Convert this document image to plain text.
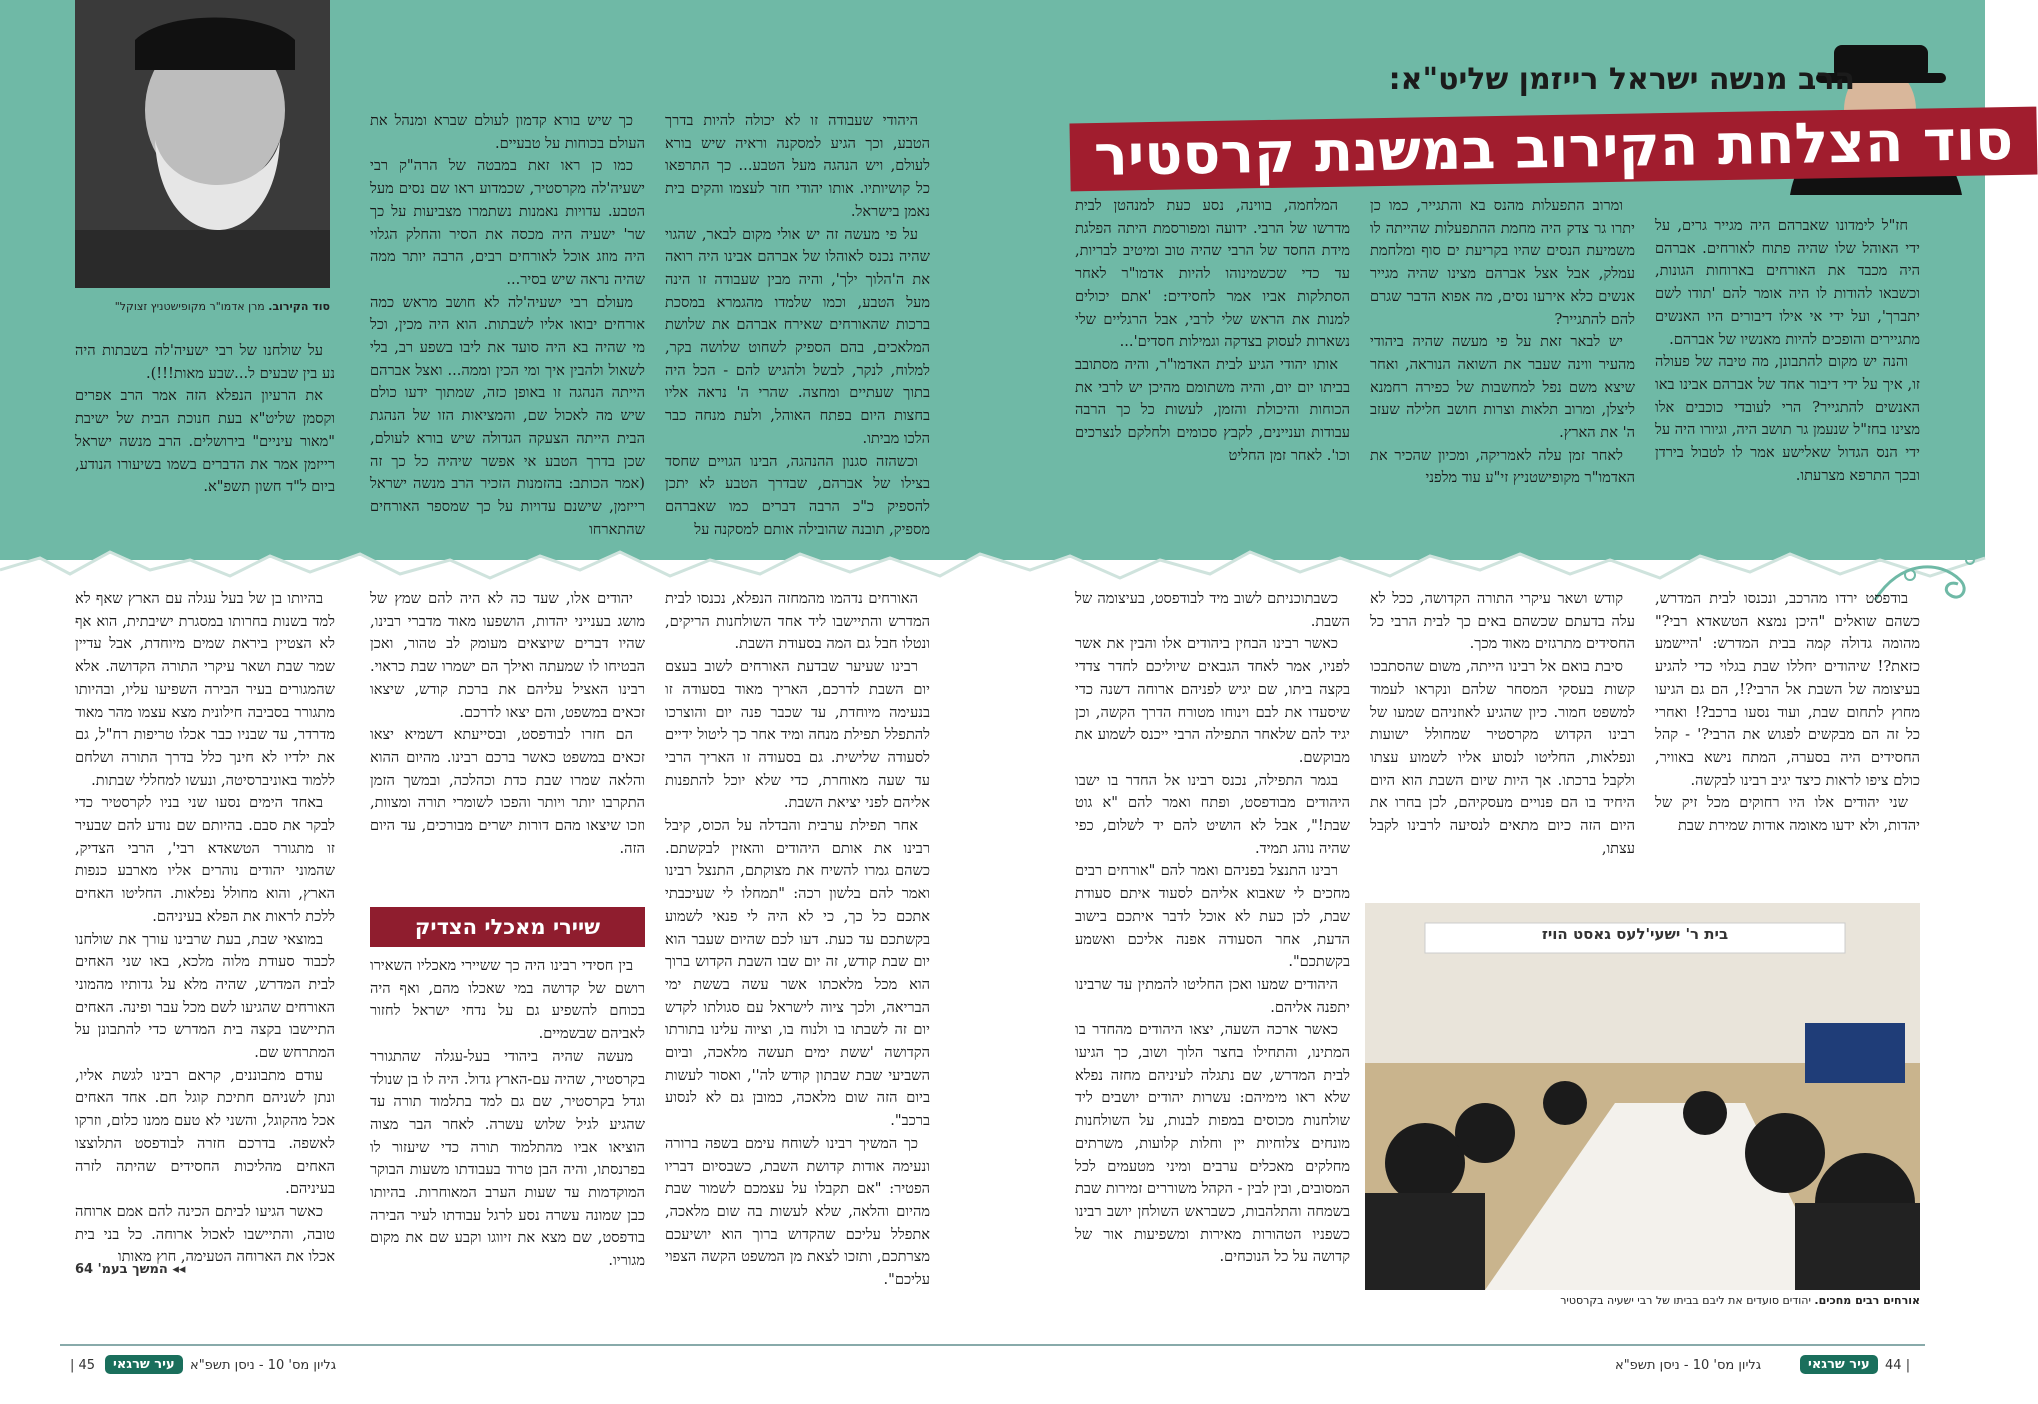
הרב מנשה ישראל רייזמן שליט"א:
סוד הצלחת הקירוב במשנת קרסטיר
סוד הקירוב. מרן אדמו"ר מקופישטניץ זצוקל"

חז"ל לימדונו שאברהם היה מגייר גרים, על ידי האוהל שלו שהיה פתוח לאורחים. אברהם היה מכבד את האורחים בארוחות הגונות, וכשבאו להודות לו היה אומר להם 'תודו לשם יתברך', ועל ידי אי אילו דיבורים היו האנשים מתגיירים והופכים להיות מאנשיו של אברהם.

והנה יש מקום להתבונן, מה טיבה של פעולה זו, איך על ידי דיבור אחד של אברהם אבינו באו האנשים להתגייר? הרי לעובדי כוכבים אלו מצינו בחז"ל שנעמן גר תושב היה, וגיורו היה על ידי הנס הגדול שאלישע אמר לו לטבול בירדן ובכך התרפא מצרעתו.

ומרוב התפעלות מהנס בא והתגייר, כמו כן יתרו גר צדק היה מחמת ההתפעלות שהייתה לו משמיעת הנסים שהיו בקריעת ים סוף ומלחמת עמלק, אבל אצל אברהם מצינו שהיה מגייר אנשים כלא אירעו נסים, מה אפוא הדבר שגרם להם להתגייר?

יש לבאר זאת על פי מעשה שהיה ביהודי מהעיר ווינה שעבר את השואה הנוראה, ואחר שיצא משם נפל למחשבות של כפירה רחמנא ליצלן, ומרוב תלאות וצרות חושב חלילה שעזב ה' את הארץ.

לאחר זמן עלה לאמריקה, ומכיון שהכיר את האדמו"ר מקופישטניץ זי"ע עוד מלפני

המלחמה, בווינה, נסע כעת למנהטן לבית מדרשו של הרבי. ידועה ומפורסמת היתה הפלגת מידת החסד של הרבי שהיה טוב ומיטיב לבריות, עד כדי שכשמינוהו להיות אדמו"ר לאחר הסתלקות אביו אמר לחסידים: 'אתם יכולים למנות את הראש שלי לרבי, אבל הרגליים שלי נשארות לעסוק בצדקה וגמילות חסדים'...

אותו יהודי הגיע לבית האדמו"ר, והיה מסתובב בביתו יום יום, והיה משתומם מהיכן יש לרבי את הכוחות והיכולת והזמן, לעשות כל כך הרבה עבודות ועניינים, לקבץ סכומים ולחלקם לנצרכים וכו'. לאחר זמן החליט

היהודי שעבודה זו לא יכולה להיות בדרך הטבע, וכך הגיע למסקנה וראיה שיש בורא לעולם, ויש הנהגה מעל הטבע... כך התרפאו כל קושיותיו. אותו יהודי חזר לעצמו והקים בית נאמן בישראל.

על פי מעשה זה יש אולי מקום לבאר, שהגוי שהיה נכנס לאוהלו של אברהם אבינו היה רואה את ה'הלוך ילך', והיה מבין שעבודה זו הינה מעל הטבע, וכמו שלמדו מהגמרא במסכת ברכות שהאורחים שאירח אברהם את שלושת המלאכים, בהם הספיק לשחוט שלושה בקר, למלוח, לנקר, לבשל ולהגיש להם - הכל היה בתוך שעתיים ומחצה. שהרי ה' נראה אליו בחצות היום בפתח האוהל, ולעת מנחה כבר הלכו מביתו.

וכשהזה סגנון ההנהגה, הבינו הגויים שחסד בצילו של אברהם, שבדרך הטבע לא יתכן להספיק כ"כ הרבה דברים כמו שאברהם מספיק, תובנה שהובילה אותם למסקנה על

כך שיש בורא קדמון לעולם שברא ומנהל את העולם בכוחות על טבעיים.

כמו כן ראו זאת במבטה של הרה"ק רבי ישעיה'לה מקרסטיר, שכמדוע ראו שם נסים מעל הטבע. עדויות נאמנות נשתמרו מצביעות על כך שר' ישעיה היה מכסה את הסיר והחלק הגלוי היה מוזג אוכל לאורחים רבים, הרבה יותר ממה שהיה נראה שיש בסיר...

מעולם רבי ישעיה'לה לא חושב מראש כמה אורחים יבואו אליו לשבתות. הוא היה מכין, וכל מי שהיה בא היה סועד את ליבו בשפע רב, בלי לשאול ולהבין איך ומי הכין וממה... ואצל אברהם הייתה הנהגה זו באופן כזה, שמתוך ידעו כולם שיש מה לאכול שם, והמציאות הזו של הנהגת הבית הייתה הצעקה הגדולה שיש בורא לעולם, שכן בדרך הטבע אי אפשר שיהיה כל כך זה (אמר הכותב: בהזמנות הזכיר הרב מנשה ישראל רייזמן, שישנם עדויות על כך שמספר האורחים שהתארחו

על שולחנו של רבי ישעיה'לה בשבתות היה נע בין שבעים ל...שבע מאות!!!).

את הרעיון הנפלא הזה אמר הרב אפרים וקסמן שליט"א בעת חנוכת הבית של ישיבת "מאור עיניים" בירושלים. הרב מנשה ישראל רייזמן אמר את הדברים בשמו בשיעורו הנודע, ביום ל"ד חשון תשפ"א.

בודפסט ירדו מהרכב, ונכנסו לבית המדרש, כשהם שואלים "היכן נמצא הטשאדא רבי?" מהומה גדולה קמה בבית המדרש: 'היישמע כזאת?! שיהודים יחללו שבת בגלוי כדי להגיע בעיצומה של השבת אל הרבי?!, הם גם הגיעו מחוץ לתחום שבת, ועוד נסעו ברכב?! ואחרי כל זה הם מבקשים לפגוש את הרבי?' - קהל החסידים היה בסערה, המתח נישא באוויר, כולם ציפו לראות כיצד יגיב רבינו לבקשה.

שני יהודים אלו היו רחוקים מכל זיק של יהדות, ולא ידעו מאומה אודות שמירת שבת

קודש ושאר עיקרי התורה הקדושה, ככל לא עלה בדעתם שכשהם באים כך לבית הרבי כל החסידים מתרגזים מאוד מכך.

סיבת בואם אל רבינו הייתה, משום שהסתבכו קשות בעסקי המסחר שלהם ונקראו לעמוד למשפט חמור. כיון שהגיע לאוזניהם שמעו של רבינו הקדוש מקרסטיר שמחולל ישועות ונפלאות, החליטו לנסוע אליו לשמוע עצתו ולקבל ברכתו. אך היות שיום השבת הוא היום היחיד בו הם פנויים מעסקיהם, לכן בחרו את היום הזה כיום מתאים לנסיעה לרבינו לקבל עצתו,

כשבתוכניתם לשוב מיד לבודפסט, בעיצומה של השבת.

כאשר רבינו הבחין ביהודים אלו והבין את אשר לפניו, אמר לאחד הגבאים שיוליכם לחדר צדדי בקצה ביתו, שם יגיש לפניהם ארוחה דשנה כדי שיסעדו את לבם וינוחו מטורח הדרך הקשה, וכן יגיד להם שלאחר התפילה הרבי ייכנס לשמוע את מבוקשם.

בגמר התפילה, נכנס רבינו אל החדר בו ישבו היהודים מבודפסט, ופתח ואמר להם "א גוט שבת!", אבל לא הושיט להם יד לשלום, כפי שהיה נוהג תמיד.

רבינו התנצל בפניהם ואמר להם "אורחים רבים מחכים לי שאבוא אליהם לסעוד איתם סעודת שבת, לכן כעת לא אוכל לדבר איתכם בישוב הדעת, אחר הסעודה אפנה אליכם ואשמע בקשתכם".

היהודים שמעו ואכן החליטו להמתין עד שרבינו יתפנה אליהם.

כאשר ארכה השעה, יצאו היהודים מהחדר בו המתינו, והתחילו בחצר הלוך ושוב, כך הגיעו לבית המדרש, שם נתגלה לעיניהם מחזה נפלא שלא ראו מימיהם: עשרות יהודים יושבים ליד שולחנות מכוסים במפות לבנות, על השולחנות מונחים צלוחיות יין וחלות קלועות, משרתים מחלקים מאכלים ערבים ומיני מטעמים לכל המסובים, ובין לבין - הקהל משוררים זמירות שבת בשמחה והתלהבות, כשבראש השולחן יושב רבינו כשפניו הטהורות מאירות ומשפיעות אור של קדושה על כל הנוכחים.

בית ר' ישעי'לעס גאסט הויז
אורחים רבים מחכים. יהודים סועדים את ליבם בביתו של רבי ישעיה בקרסטיר

האורחים נדהמו מהמחזה הנפלא, נכנסו לבית המדרש והתיישבו ליד אחד השולחנות הריקים, ונטלו חבל גם המה בסעודת השבת.

רבינו שעיער שבדעת האורחים לשוב בעצם יום השבת לדרכם, האריך מאוד בסעודה זו בנעימה מיוחדת, עד שכבר פנה יום והוצרכו להתפלל תפילת מנחה ומיד אחר כך ליטול ידיים לסעודה שלישית. גם בסעודה זו האריך הרבי עד שעה מאוחרת, כדי שלא יוכל להתפנות אליהם לפני יציאת השבת.

אחר תפילת ערבית והבדלה על הכוס, קיבל רבינו את אותם היהודים והאזין לבקשתם. כשהם גמרו להשיח את מצוקתם, התנצל רבינו ואמר להם בלשון רכה: "תמחלו לי שעיכבתי אתכם כל כך, כי לא היה לי פנאי לשמוע בקשתכם עד כעת. דעו לכם שהיום שעבר הוא יום שבת קודש, זה יום שבו השבת הקדוש ברוך הוא מכל מלאכתו אשר עשה בששת ימי הבריאה, ולכך ציוה לישראל עם סגולתו לקדש יום זה לשבתו בו ולנוח בו, וציוה עלינו בתורתו הקדושה 'ששת ימים תעשה מלאכה, וביום השביעי שבת שבתון קודש לה'', ואסור לעשות ביום הזה שום מלאכה, כמובן גם לא לנסוע ברכב".

כך המשיך רבינו לשוחח עימם בשפה ברורה ונעימה אודות קדושת השבת, כשבסיום דבריו הפטיר: "אם תקבלו על עצמכם לשמור שבת מהיום והלאה, שלא לעשות בה שום מלאכה, אתפלל עליכם שהקדוש ברוך הוא יושיעכם מצרתכם, ותזכו לצאת מן המשפט הקשה הצפוי עליכם".

יהודים אלו, שעד כה לא היה להם שמץ של מושג בענייני יהדות, הושפעו מאוד מדברי רבינו, שהיו דברים שיוצאים מעומק לב טהור, ואכן הבטיחו לו שמעתה ואילך הם ישמרו שבת כראוי. רבינו האציל עליהם את ברכת קודש, שיצאו זכאים במשפט, והם יצאו לדרכם.

הם חזרו לבודפסט, ובסייעתא דשמיא יצאו זכאים במשפט כאשר ברכם רבינו. מהיום ההוא והלאה שמרו שבת כדת וכהלכה, ובמשך הזמן התקרבו יותר ויותר והפכו לשומרי תורה ומצוות, וזכו שיצאו מהם דורות ישרים מבורכים, עד היום הזה.

שיירי מאכלי הצדיק

בין חסידי רבינו היה כך ששיירי מאכליו השאירו רושם של קדושה במי שאכלו מהם, ואף היה בכוחם להשפיע גם על נדחי ישראל לחזור לאביהם שבשמיים.

מעשה שהיה ביהודי בעל-עגלה שהתגורר בקרסטיר, שהיה עם-הארץ גדול. היה לו בן שנולד וגדל בקרסטיר, שם גם למד בתלמוד תורה עד שהגיע לגיל שלוש עשרה. לאחר הבר מצוה הוציאו אביו מהתלמוד תורה כדי שיעזור לו בפרנסתו, והיה הבן טרוד בעבודתו משעות הבוקר המוקדמות עד שעות הערב המאוחרות. בהיותו כבן שמונה עשרה נסע לרגל עבודתו לעיר הבירה בודפסט, שם מצא את זיווגו וקבע שם את מקום מגוריו.

בהיותו בן של בעל עגלה עם הארץ שאף לא למד בשנות בחרותו במסגרת ישיבתית, הוא אף לא הצטיין ביראת שמים מיוחדת, אבל עדיין שמר שבת ושאר עיקרי התורה הקדושה. אלא שהמגורים בעיר הבירה השפיעו עליו, ובהיותו מתגורר בסביבה חילונית מצא עצמו מהר מאוד מדרדר, עד שבניו כבר אכלו טריפות רח"ל, גם את ילדיו לא חינך כלל בדרך התורה ושלחם ללמוד באוניברסיטה, ונעשו למחללי שבתות.

באחד הימים נסעו שני בניו לקרסטיר כדי לבקר את סבם. בהיותם שם נודע להם שבעיר זו מתגורר הטשאדא רבי', הרבי הצדיק, שהמוני יהודים נוהרים אליו מארבע כנפות הארץ, והוא מחולל נפלאות. החליטו האחים ללכת לראות את הפלא בעיניהם.

במוצאי שבת, בעת שרבינו עורך את שולחנו לכבוד סעודת מלוה מלכא, באו שני האחים לבית המדרש, שהיה מלא על גדותיו מהמוני האורחים שהגיעו לשם מכל עבר ופינה. האחים התיישבו בקצה בית המדרש כדי להתבונן על המתרחש שם.

עודם מתבוננים, קראם רבינו לגשת אליו, ונתן לשניהם חתיכת קוגל חם. אחד האחים אכל מהקוגל, והשני לא טעם ממנו כלום, וזרקו לאשפה. בדרכם חזרה לבודפסט התלוצצו האחים מהליכות החסידים שהיתה לזרה בעיניהם.

כאשר הגיעו לביתם הכינה להם אמם ארוחה טובה, והתיישבו לאכול ארוחה. כל בני בית אכלו את הארוחה הטעימה, חוץ מאותו

◂◂ המשך בעמ' 64
45 |	גליון מס' 10 - ניסן תשפ"א
עיר שרגאי	עיר שרגאי
גליון מס' 10 - ניסן תשפ"א	| 44
